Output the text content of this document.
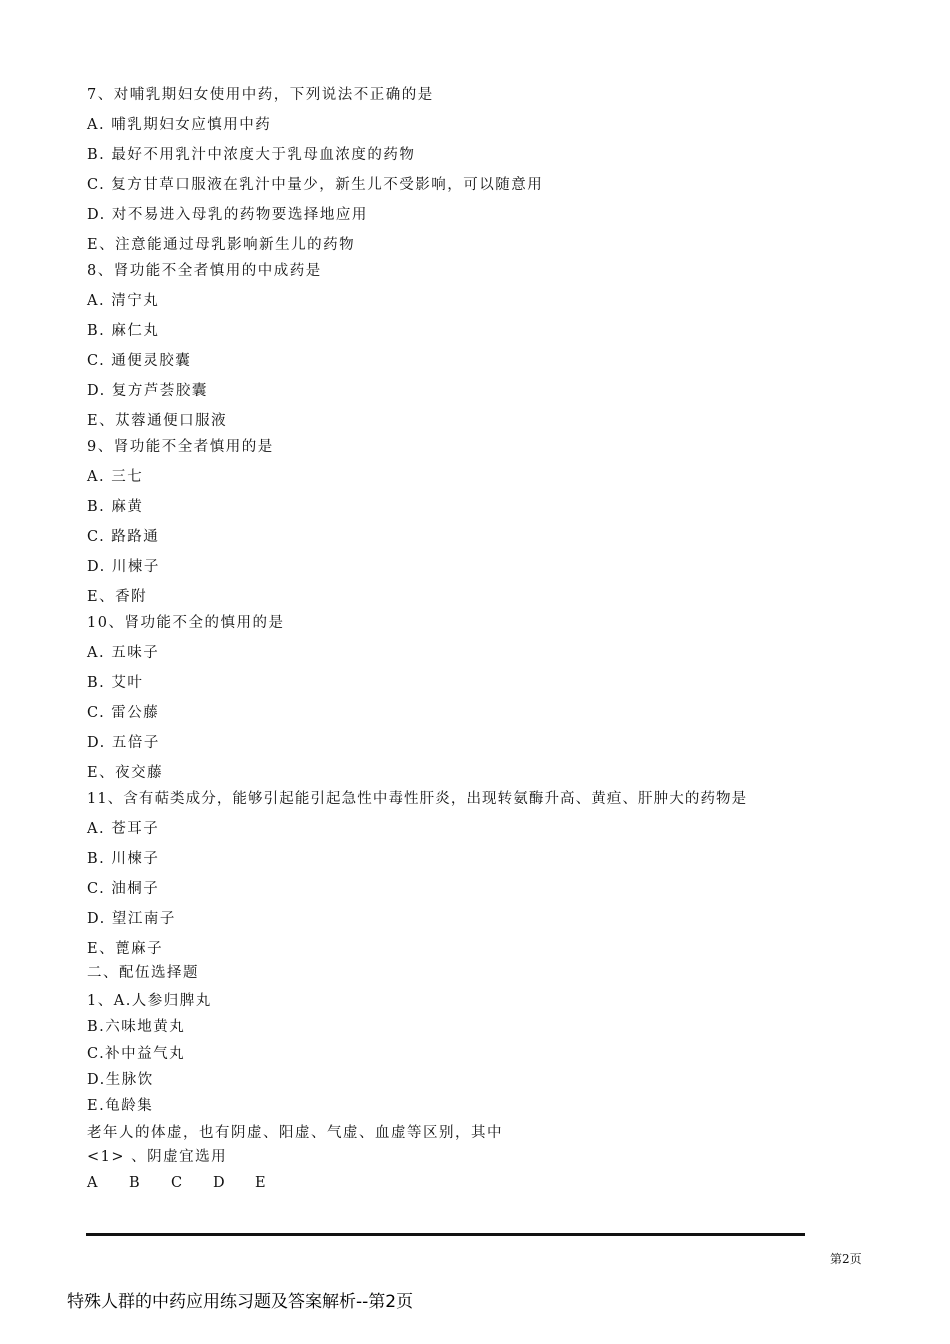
7、对哺乳期妇女使用中药，下列说法不正确的是
A. 哺乳期妇女应慎用中药
B. 最好不用乳汁中浓度大于乳母血浓度的药物
C. 复方甘草口服液在乳汁中量少，新生儿不受影响，可以随意用
D. 对不易进入母乳的药物要选择地应用
E、注意能通过母乳影响新生儿的药物
8、肾功能不全者慎用的中成药是
A. 清宁丸
B. 麻仁丸
C. 通便灵胶囊
D. 复方芦荟胶囊
E、苁蓉通便口服液
9、肾功能不全者慎用的是
A. 三七
B. 麻黄
C. 路路通
D. 川楝子
E、香附
10、肾功能不全的慎用的是
A. 五味子
B. 艾叶
C. 雷公藤
D. 五倍子
E、夜交藤
11、含有萜类成分，能够引起能引起急性中毒性肝炎，出现转氨酶升高、黄疸、肝肿大的药物是
A. 苍耳子
B. 川楝子
C. 油桐子
D. 望江南子
E、蓖麻子
二、配伍选择题
1、A.人参归脾丸
B.六味地黄丸
C.补中益气丸
D.生脉饮
E.龟龄集
老年人的体虚，也有阴虚、阳虚、气虚、血虚等区别，其中
<1> 、阴虚宜选用
A B C D E
第2页
特殊人群的中药应用练习题及答案解析--第2页
